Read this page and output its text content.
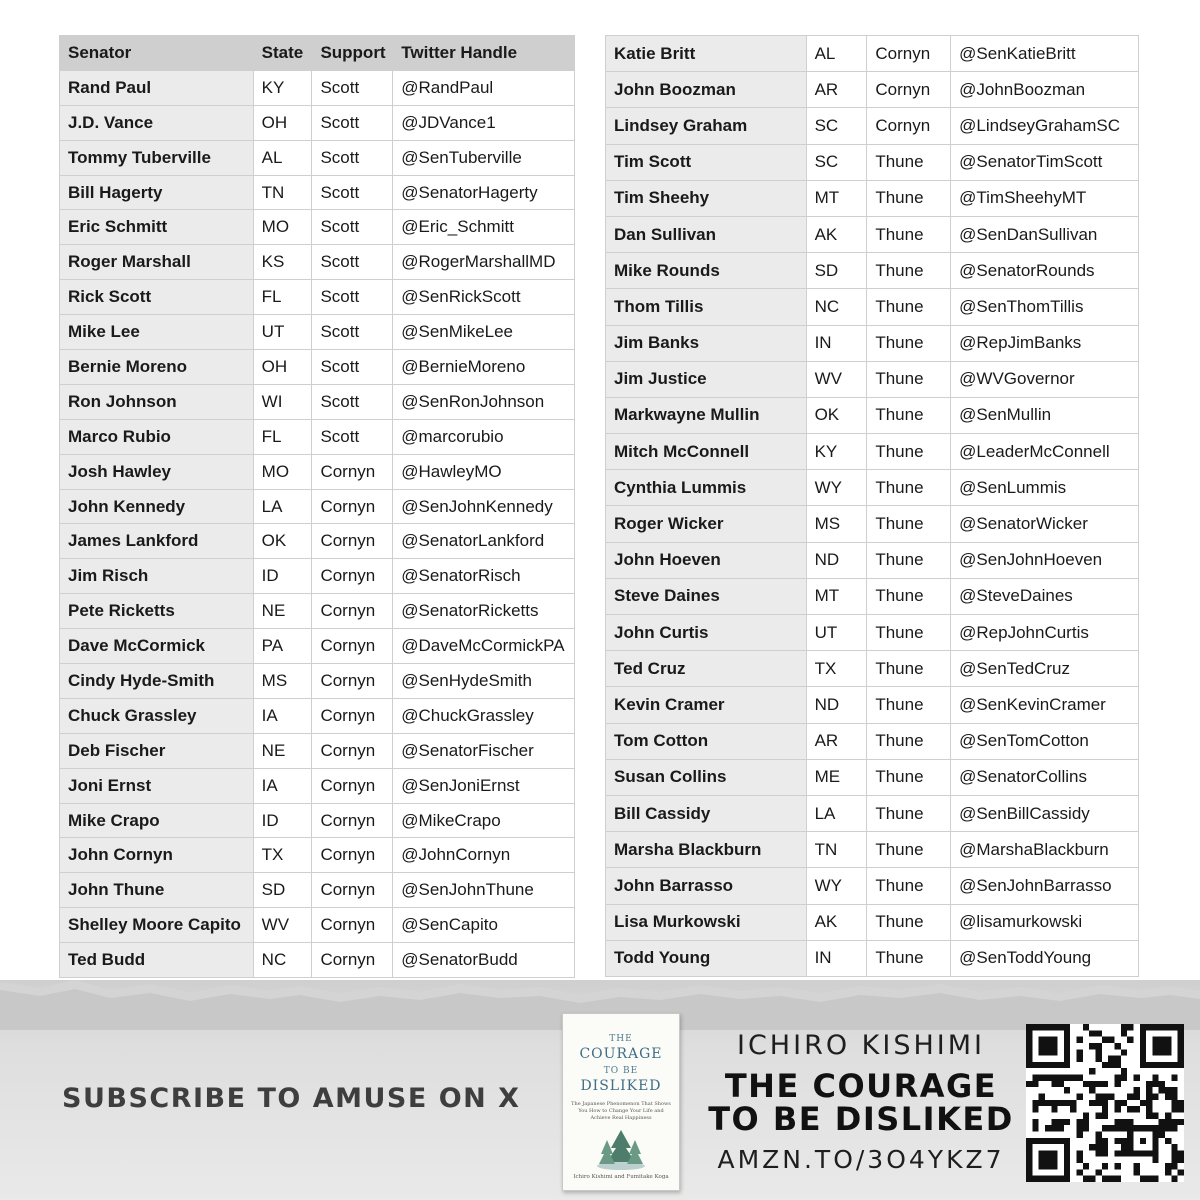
Senator	State	Support	Twitter Handle
Rand Paul	KY	Scott	@RandPaul
J.D. Vance	OH	Scott	@JDVance1
Tommy Tuberville	AL	Scott	@SenTuberville
Bill Hagerty	TN	Scott	@SenatorHagerty
Eric Schmitt	MO	Scott	@Eric_Schmitt
Roger Marshall	KS	Scott	@RogerMarshallMD
Rick Scott	FL	Scott	@SenRickScott
Mike Lee	UT	Scott	@SenMikeLee
Bernie Moreno	OH	Scott	@BernieMoreno
Ron Johnson	WI	Scott	@SenRonJohnson
Marco Rubio	FL	Scott	@marcorubio
Josh Hawley	MO	Cornyn	@HawleyMO
John Kennedy	LA	Cornyn	@SenJohnKennedy
James Lankford	OK	Cornyn	@SenatorLankford
Jim Risch	ID	Cornyn	@SenatorRisch
Pete Ricketts	NE	Cornyn	@SenatorRicketts
Dave McCormick	PA	Cornyn	@DaveMcCormickPA
Cindy Hyde-Smith	MS	Cornyn	@SenHydeSmith
Chuck Grassley	IA	Cornyn	@ChuckGrassley
Deb Fischer	NE	Cornyn	@SenatorFischer
Joni Ernst	IA	Cornyn	@SenJoniErnst
Mike Crapo	ID	Cornyn	@MikeCrapo
John Cornyn	TX	Cornyn	@JohnCornyn
John Thune	SD	Cornyn	@SenJohnThune
Shelley Moore Capito	WV	Cornyn	@SenCapito
Ted Budd	NC	Cornyn	@SenatorBudd
Katie Britt	AL	Cornyn	@SenKatieBritt
John Boozman	AR	Cornyn	@JohnBoozman
Lindsey Graham	SC	Cornyn	@LindseyGrahamSC
Tim Scott	SC	Thune	@SenatorTimScott
Tim Sheehy	MT	Thune	@TimSheehyMT
Dan Sullivan	AK	Thune	@SenDanSullivan
Mike Rounds	SD	Thune	@SenatorRounds
Thom Tillis	NC	Thune	@SenThomTillis
Jim Banks	IN	Thune	@RepJimBanks
Jim Justice	WV	Thune	@WVGovernor
Markwayne Mullin	OK	Thune	@SenMullin
Mitch McConnell	KY	Thune	@LeaderMcConnell
Cynthia Lummis	WY	Thune	@SenLummis
Roger Wicker	MS	Thune	@SenatorWicker
John Hoeven	ND	Thune	@SenJohnHoeven
Steve Daines	MT	Thune	@SteveDaines
John Curtis	UT	Thune	@RepJohnCurtis
Ted Cruz	TX	Thune	@SenTedCruz
Kevin Cramer	ND	Thune	@SenKevinCramer
Tom Cotton	AR	Thune	@SenTomCotton
Susan Collins	ME	Thune	@SenatorCollins
Bill Cassidy	LA	Thune	@SenBillCassidy
Marsha Blackburn	TN	Thune	@MarshaBlackburn
John Barrasso	WY	Thune	@SenJohnBarrasso
Lisa Murkowski	AK	Thune	@lisamurkowski
Todd Young	IN	Thune	@SenToddYoung
SUBSCRIBE TO AMUSE ON X
THE
COURAGE
TO BE
DISLIKED
The Japanese Phenomenon That Shows You How to Change Your Life and Achieve Real Happiness
Ichiro Kishimi and Fumitake Koga
ICHIRO KISHIMI
THE COURAGE
TO BE DISLIKED
AMZN.TO/3O4YKZ7
